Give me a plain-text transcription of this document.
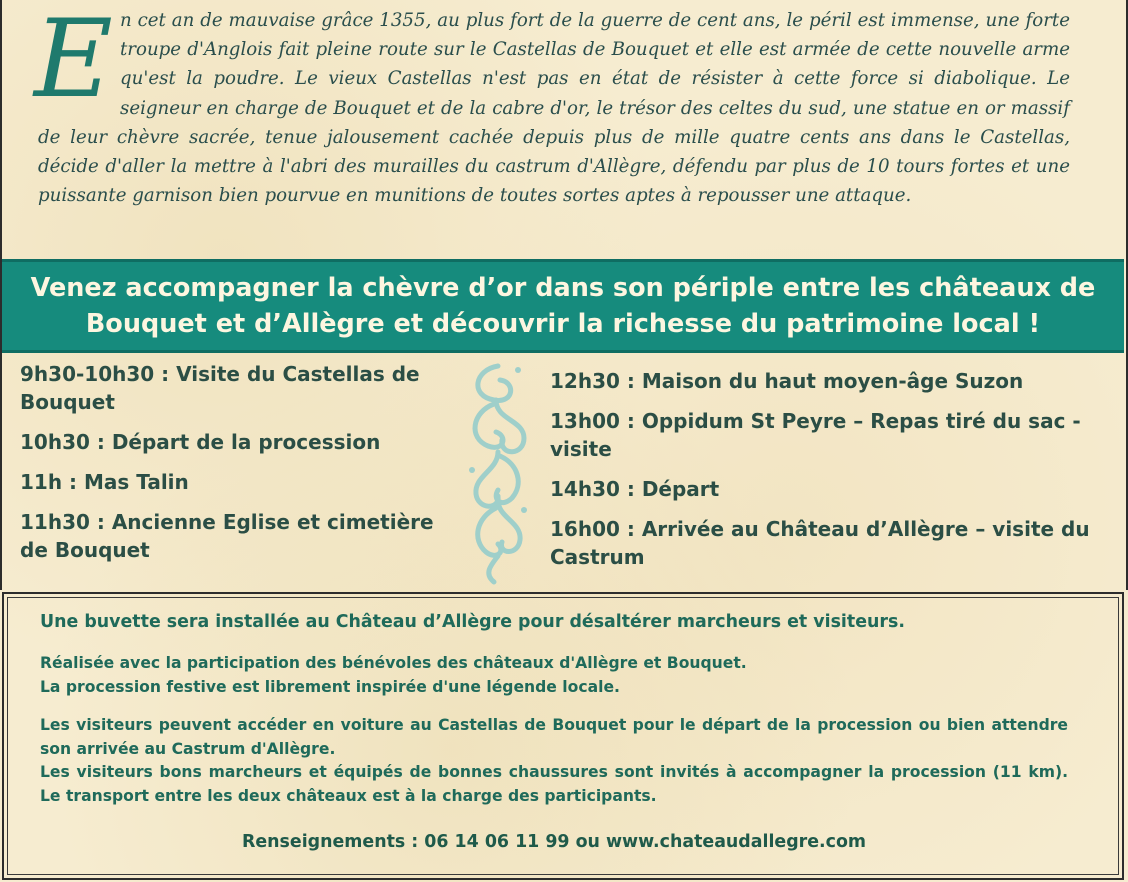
E n cet an de mauvaise grâce 1355, au plus fort de la guerre de cent ans, le péril est immense, une forte troupe d'Anglois fait pleine route sur le Castellas de Bouquet et elle est armée de cette nouvelle arme qu'est la poudre. Le vieux Castellas n'est pas en état de résister à cette force si diabolique. Le seigneur en charge de Bouquet et de la cabre d'or, le trésor des celtes du sud, une statue en or massif de leur chèvre sacrée, tenue jalousement cachée depuis plus de mille quatre cents ans dans le Castellas, décide d'aller la mettre à l'abri des murailles du castrum d'Allègre, défendu par plus de 10 tours fortes et une puissante garnison bien pourvue en munitions de toutes sortes aptes à repousser une attaque.

Venez accompagner la chèvre d’or dans son périple entre les châteaux de
Bouquet et d’Allègre et découvrir la richesse du patrimoine local !

9h30-10h30 : Visite du Castellas de Bouquet

10h30 : Départ de la procession

11h : Mas Talin

11h30 : Ancienne Eglise et cimetière de Bouquet

12h30 : Maison du haut moyen-âge Suzon

13h00 : Oppidum St Peyre – Repas tiré du sac - visite

14h30 : Départ

16h00 : Arrivée au Château d’Allègre – visite du Castrum

Une buvette sera installée au Château d’Allègre pour désaltérer marcheurs et visiteurs.

Réalisée avec la participation des bénévoles des châteaux d'Allègre et Bouquet.
La procession festive est librement inspirée d'une légende locale.
Les visiteurs peuvent accéder en voiture au Castellas de Bouquet pour le départ de la procession ou bien attendre son arrivée au Castrum d'Allègre.
Les visiteurs bons marcheurs et équipés de bonnes chaussures sont invités à accompagner la procession (11 km). Le transport entre les deux châteaux est à la charge des participants.

Renseignements : 06 14 06 11 99 ou www.chateaudallegre.com
